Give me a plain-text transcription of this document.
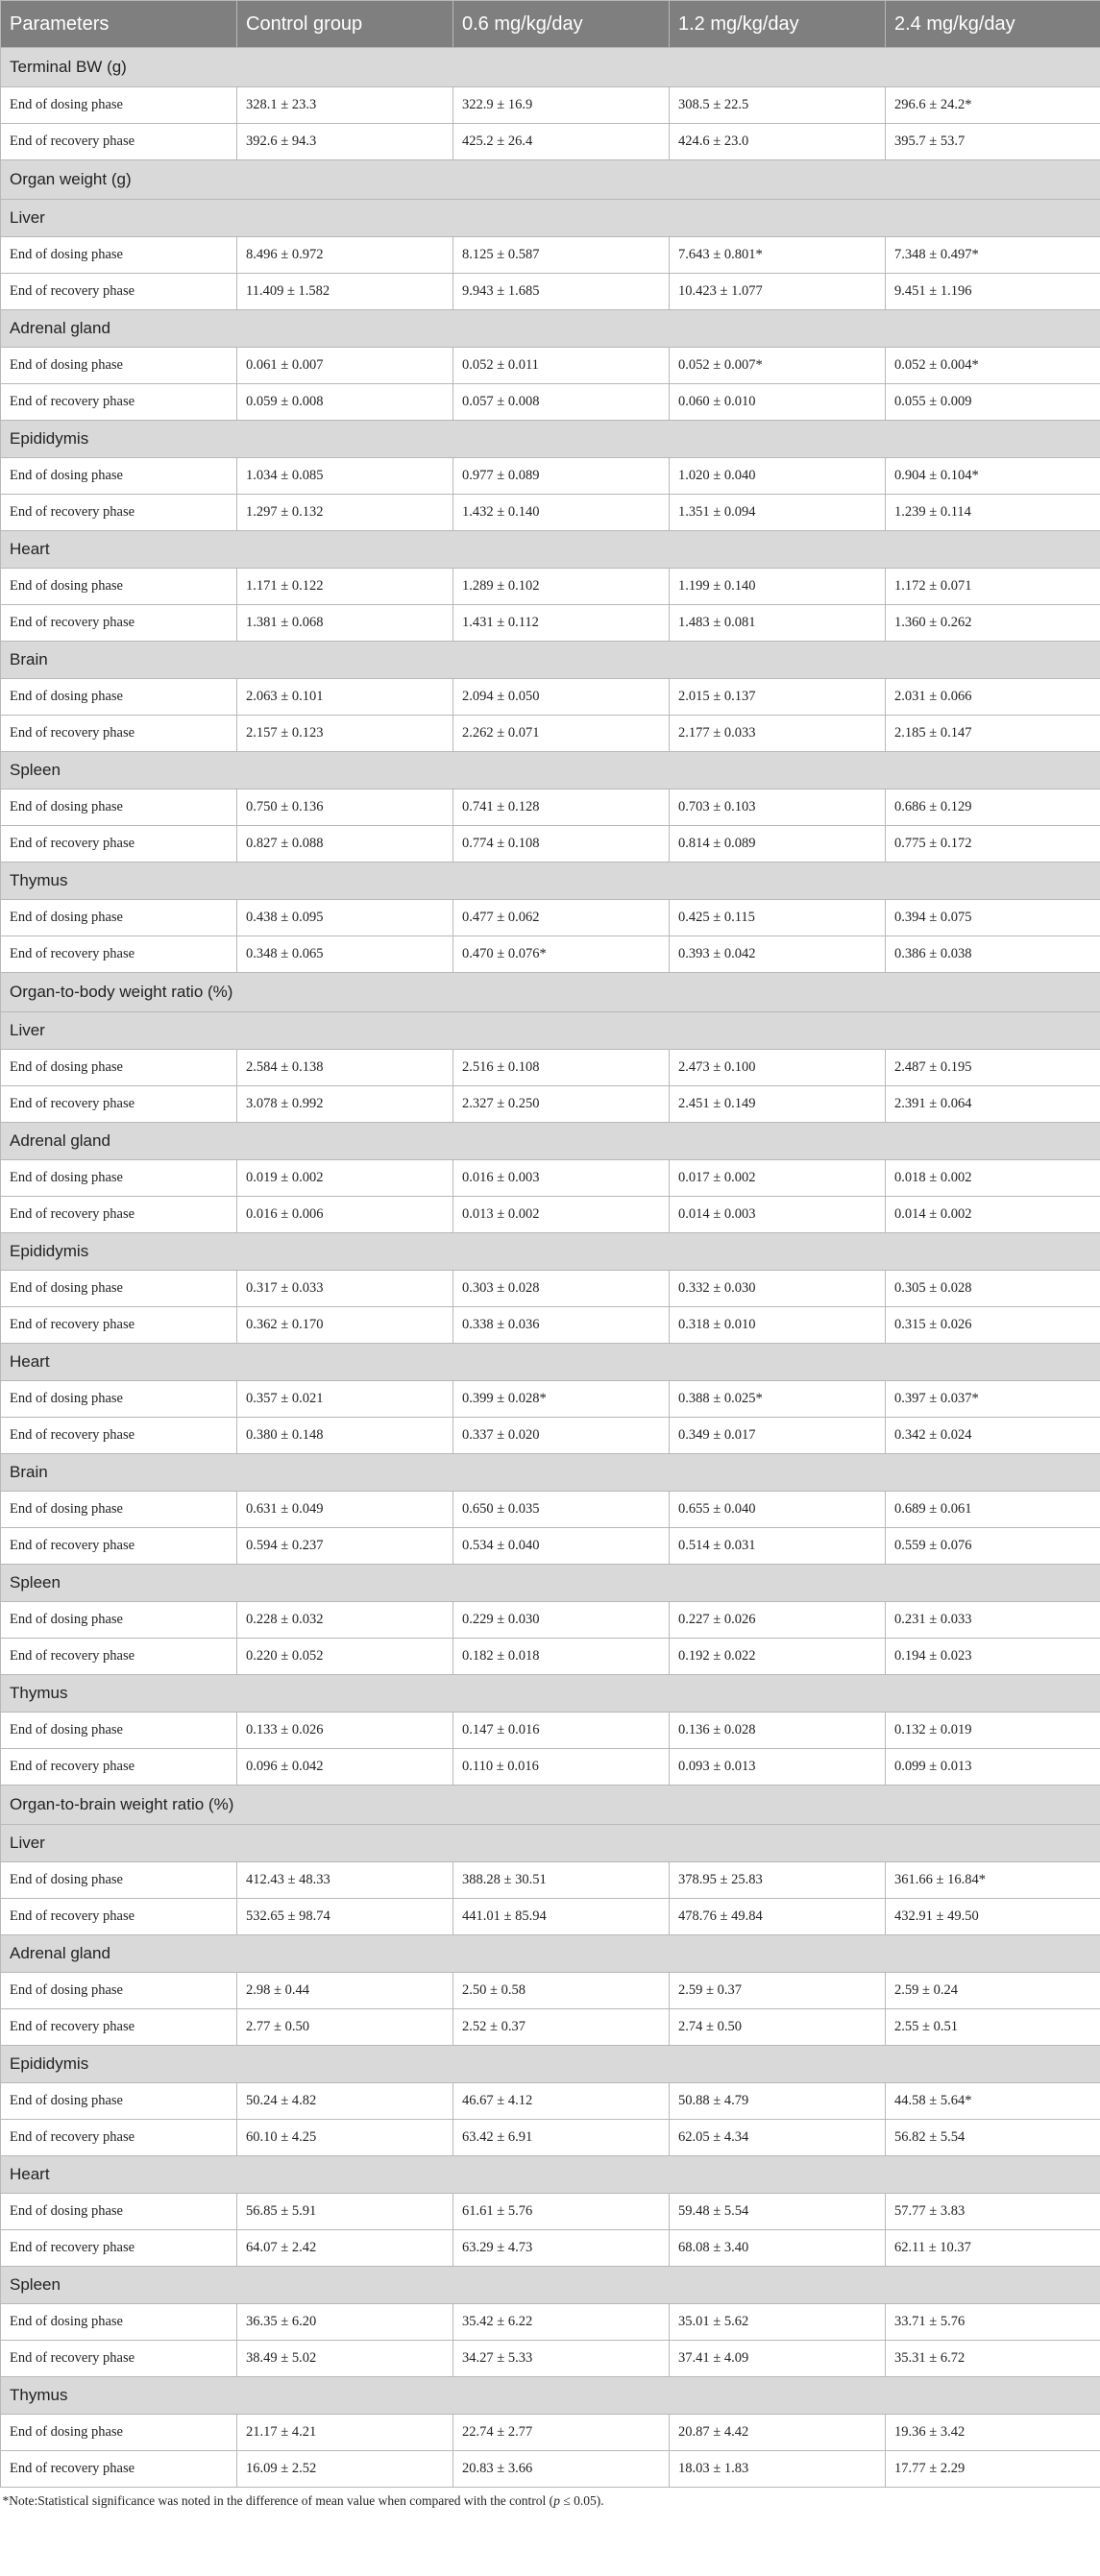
Parameters	Control group	0.6 mg/kg/day	1.2 mg/kg/day	2.4 mg/kg/day
Terminal BW (g)				
End of dosing phase	328.1 ± 23.3	322.9 ± 16.9	308.5 ± 22.5	296.6 ± 24.2*
End of recovery phase	392.6 ± 94.3	425.2 ± 26.4	424.6 ± 23.0	395.7 ± 53.7
Organ weight (g)				
Liver				
End of dosing phase	8.496 ± 0.972	8.125 ± 0.587	7.643 ± 0.801*	7.348 ± 0.497*
End of recovery phase	11.409 ± 1.582	9.943 ± 1.685	10.423 ± 1.077	9.451 ± 1.196
Adrenal gland				
End of dosing phase	0.061 ± 0.007	0.052 ± 0.011	0.052 ± 0.007*	0.052 ± 0.004*
End of recovery phase	0.059 ± 0.008	0.057 ± 0.008	0.060 ± 0.010	0.055 ± 0.009
Epididymis				
End of dosing phase	1.034 ± 0.085	0.977 ± 0.089	1.020 ± 0.040	0.904 ± 0.104*
End of recovery phase	1.297 ± 0.132	1.432 ± 0.140	1.351 ± 0.094	1.239 ± 0.114
Heart				
End of dosing phase	1.171 ± 0.122	1.289 ± 0.102	1.199 ± 0.140	1.172 ± 0.071
End of recovery phase	1.381 ± 0.068	1.431 ± 0.112	1.483 ± 0.081	1.360 ± 0.262
Brain				
End of dosing phase	2.063 ± 0.101	2.094 ± 0.050	2.015 ± 0.137	2.031 ± 0.066
End of recovery phase	2.157 ± 0.123	2.262 ± 0.071	2.177 ± 0.033	2.185 ± 0.147
Spleen				
End of dosing phase	0.750 ± 0.136	0.741 ± 0.128	0.703 ± 0.103	0.686 ± 0.129
End of recovery phase	0.827 ± 0.088	0.774 ± 0.108	0.814 ± 0.089	0.775 ± 0.172
Thymus				
End of dosing phase	0.438 ± 0.095	0.477 ± 0.062	0.425 ± 0.115	0.394 ± 0.075
End of recovery phase	0.348 ± 0.065	0.470 ± 0.076*	0.393 ± 0.042	0.386 ± 0.038
Organ-to-body weight ratio (%)				
Liver				
End of dosing phase	2.584 ± 0.138	2.516 ± 0.108	2.473 ± 0.100	2.487 ± 0.195
End of recovery phase	3.078 ± 0.992	2.327 ± 0.250	2.451 ± 0.149	2.391 ± 0.064
Adrenal gland				
End of dosing phase	0.019 ± 0.002	0.016 ± 0.003	0.017 ± 0.002	0.018 ± 0.002
End of recovery phase	0.016 ± 0.006	0.013 ± 0.002	0.014 ± 0.003	0.014 ± 0.002
Epididymis				
End of dosing phase	0.317 ± 0.033	0.303 ± 0.028	0.332 ± 0.030	0.305 ± 0.028
End of recovery phase	0.362 ± 0.170	0.338 ± 0.036	0.318 ± 0.010	0.315 ± 0.026
Heart				
End of dosing phase	0.357 ± 0.021	0.399 ± 0.028*	0.388 ± 0.025*	0.397 ± 0.037*
End of recovery phase	0.380 ± 0.148	0.337 ± 0.020	0.349 ± 0.017	0.342 ± 0.024
Brain				
End of dosing phase	0.631 ± 0.049	0.650 ± 0.035	0.655 ± 0.040	0.689 ± 0.061
End of recovery phase	0.594 ± 0.237	0.534 ± 0.040	0.514 ± 0.031	0.559 ± 0.076
Spleen				
End of dosing phase	0.228 ± 0.032	0.229 ± 0.030	0.227 ± 0.026	0.231 ± 0.033
End of recovery phase	0.220 ± 0.052	0.182 ± 0.018	0.192 ± 0.022	0.194 ± 0.023
Thymus				
End of dosing phase	0.133 ± 0.026	0.147 ± 0.016	0.136 ± 0.028	0.132 ± 0.019
End of recovery phase	0.096 ± 0.042	0.110 ± 0.016	0.093 ± 0.013	0.099 ± 0.013
Organ-to-brain weight ratio (%)				
Liver				
End of dosing phase	412.43 ± 48.33	388.28 ± 30.51	378.95 ± 25.83	361.66 ± 16.84*
End of recovery phase	532.65 ± 98.74	441.01 ± 85.94	478.76 ± 49.84	432.91 ± 49.50
Adrenal gland				
End of dosing phase	2.98 ± 0.44	2.50 ± 0.58	2.59 ± 0.37	2.59 ± 0.24
End of recovery phase	2.77 ± 0.50	2.52 ± 0.37	2.74 ± 0.50	2.55 ± 0.51
Epididymis				
End of dosing phase	50.24 ± 4.82	46.67 ± 4.12	50.88 ± 4.79	44.58 ± 5.64*
End of recovery phase	60.10 ± 4.25	63.42 ± 6.91	62.05 ± 4.34	56.82 ± 5.54
Heart				
End of dosing phase	56.85 ± 5.91	61.61 ± 5.76	59.48 ± 5.54	57.77 ± 3.83
End of recovery phase	64.07 ± 2.42	63.29 ± 4.73	68.08 ± 3.40	62.11 ± 10.37
Spleen				
End of dosing phase	36.35 ± 6.20	35.42 ± 6.22	35.01 ± 5.62	33.71 ± 5.76
End of recovery phase	38.49 ± 5.02	34.27 ± 5.33	37.41 ± 4.09	35.31 ± 6.72
Thymus				
End of dosing phase	21.17 ± 4.21	22.74 ± 2.77	20.87 ± 4.42	19.36 ± 3.42
End of recovery phase	16.09 ± 2.52	20.83 ± 3.66	18.03 ± 1.83	17.77 ± 2.29
*Note:Statistical significance was noted in the difference of mean value when compared with the control (p ≤ 0.05).				
